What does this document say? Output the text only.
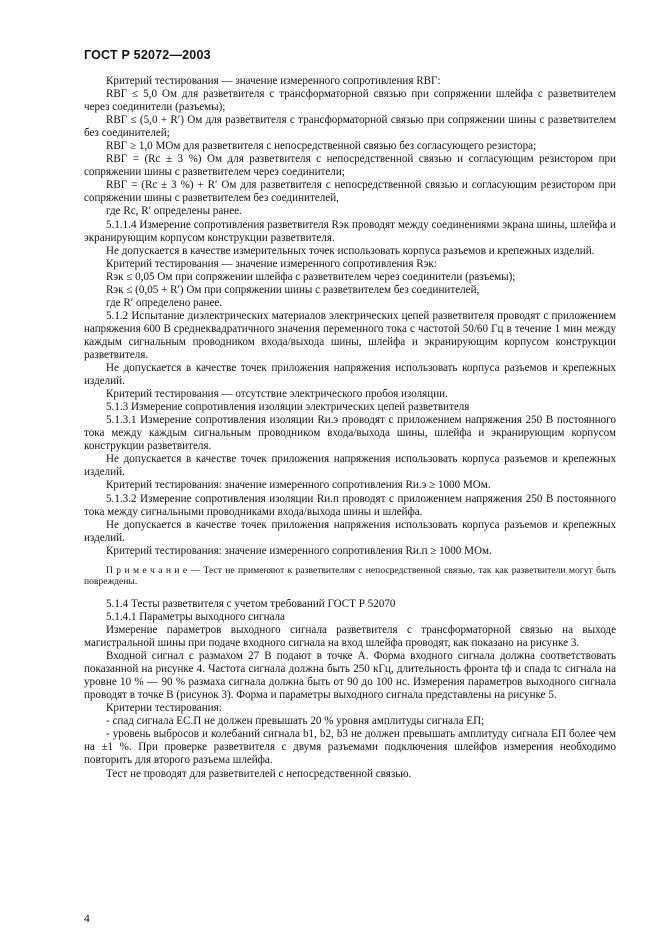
ГОСТ Р 52072—2003

Критерий тестирования — значение измеренного сопротивления RBГ:

RBГ ≤ 5,0 Ом для разветвителя с трансформаторной связью при сопряжении шлейфа с разветвителем через соединители (разъемы);

RBГ ≤ (5,0 + R′) Ом для разветвителя с трансформаторной связью при сопряжении шины с разветвителем без соединителей;

RBГ ≥ 1,0 МОм для разветвителя с непосредственной связью без согласующего резистора;

RBГ = (Rс ± 3 %) Ом для разветвителя с непосредственной связью и согласующим резистором при сопряжении шины с разветвителем через соединители;

RBГ = (Rс ± 3 %) + R′ Ом для разветвителя с непосредственной связью и согласующим резистором при сопряжении шины с разветвителем без соединителей,

где Rс, R′ определены ранее.

5.1.1.4 Измерение сопротивления разветвителя Rэк проводят между соединениями экрана шины, шлейфа и экранирующим корпусом конструкции разветвителя.

Не допускается в качестве измерительных точек использовать корпуса разъемов и крепежных изделий.

Критерий тестирования — значение измеренного сопротивления Rэк:

Rэк ≤ 0,05 Ом при сопряжении шлейфа с разветвителем через соединители (разъемы);

Rэк ≤ (0,05 + R′) Ом при сопряжении шины с разветвителем без соединителей,

где R′ определено ранее.

5.1.2 Испытание диэлектрических материалов электрических цепей разветвителя проводят с приложением напряжения 600 В среднеквадратичного значения переменного тока с частотой 50/60 Гц в течение 1 мин между каждым сигнальным проводником входа/выхода шины, шлейфа и экранирующим корпусом конструкции разветвителя.

Не допускается в качестве точек приложения напряжения использовать корпуса разъемов и крепежных изделий.

Критерий тестирования — отсутствие электрического пробоя изоляции.

5.1.3 Измерение сопротивления изоляции электрических цепей разветвителя

5.1.3.1 Измерение сопротивления изоляции Rи.э проводят с приложением напряжения 250 В постоянного тока между каждым сигнальным проводником входа/выхода шины, шлейфа и экранирующим корпусом конструкции разветвителя.

Не допускается в качестве точек приложения напряжения использовать корпуса разъемов и крепежных изделий.

Критерий тестирования: значение измеренного сопротивления Rи.э ≥ 1000 МОм.

5.1.3.2 Измерение сопротивления изоляции Rи.п проводят с приложением напряжения 250 В постоянного тока между сигнальными проводниками входа/выхода шины и шлейфа.

Не допускается в качестве точек приложения напряжения использовать корпуса разъемов и крепежных изделий.

Критерий тестирования: значение измеренного сопротивления Rи.п ≥ 1000 МОм.

П р и м е ч а н и е — Тест не применяют к разветвителям с непосредственной связью, так как разветвители могут быть повреждены.

5.1.4 Тесты разветвителя с учетом требований ГОСТ Р 52070

5.1.4.1 Параметры выходного сигнала

Измерение параметров выходного сигнала разветвителя с трансформаторной связью на выходе магистральной шины при подаче входного сигнала на вход шлейфа проводят, как показано на рисунке 3.

Входной сигнал с размахом 27 В подают в точке A. Форма входного сигнала должна соответствовать показанной на рисунке 4. Частота сигнала должна быть 250 кГц, длительность фронта tф и спада tс сигнала на уровне 10 % — 90 % размаха сигнала должна быть от 90 до 100 нс. Измерения параметров выходного сигнала проводят в точке B (рисунок 3). Форма и параметры выходного сигнала представлены на рисунке 5.

Критерии тестирования:

- спад сигнала EС.П не должен превышать 20 % уровня амплитуды сигнала EП;

- уровень выбросов и колебаний сигнала b1, b2, b3 не должен превышать амплитуду сигнала EП более чем на ±1 %. При проверке разветвителя с двумя разъемами подключения шлейфов измерения необходимо повторить для второго разъема шлейфа.

Тест не проводят для разветвителей с непосредственной связью.

4
